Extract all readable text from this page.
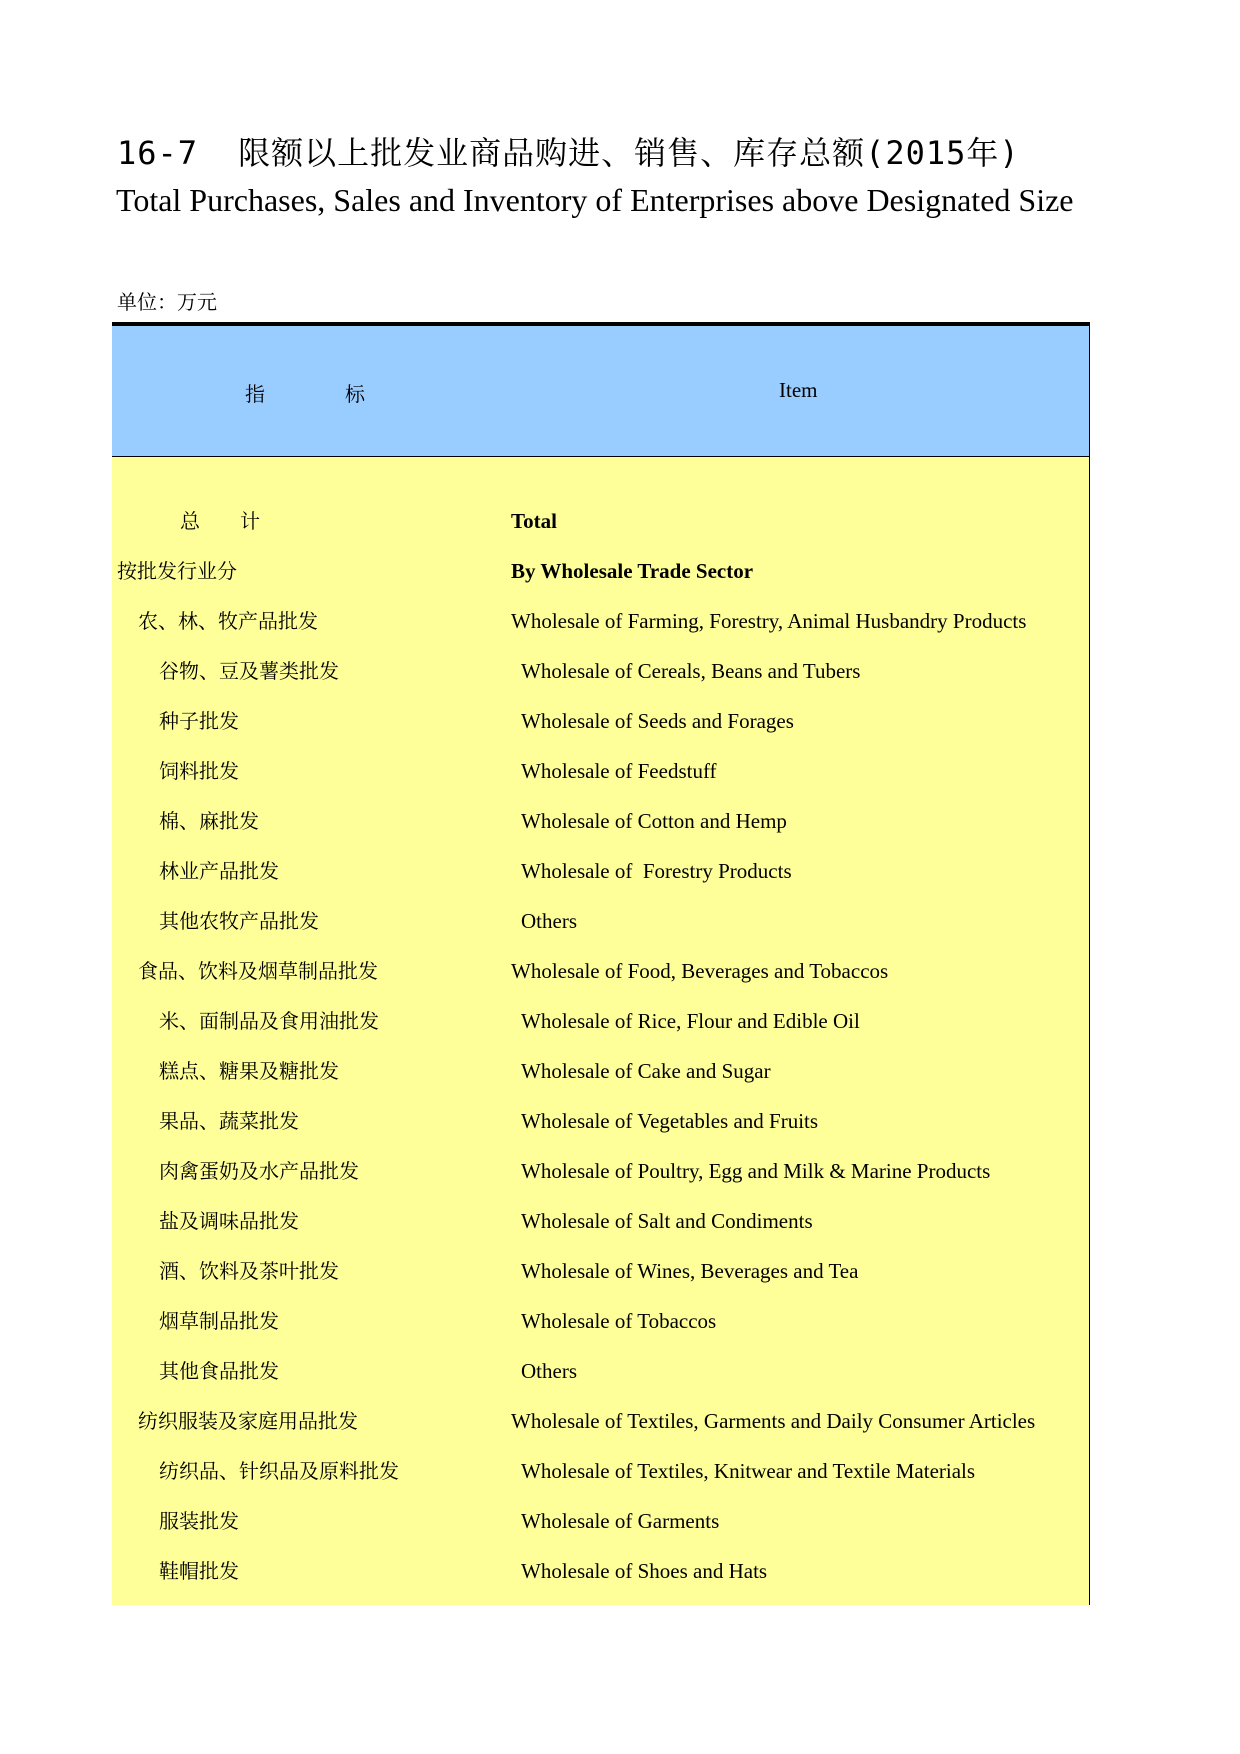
16-7 限额以上批发业商品购进、销售、库存总额(2015年)
Total Purchases, Sales and Inventory of Enterprises above Designated Size
单位：万元
指	标	Item
总 计	Total
按批发行业分	By Wholesale Trade Sector
农、林、牧产品批发	Wholesale of Farming, Forestry, Animal Husbandry Products
谷物、豆及薯类批发	Wholesale of Cereals, Beans and Tubers
种子批发	Wholesale of Seeds and Forages
饲料批发	Wholesale of Feedstuff
棉、麻批发	Wholesale of Cotton and Hemp
林业产品批发	Wholesale of  Forestry Products
其他农牧产品批发	Others
食品、饮料及烟草制品批发	Wholesale of Food, Beverages and Tobaccos
米、面制品及食用油批发	Wholesale of Rice, Flour and Edible Oil
糕点、糖果及糖批发	Wholesale of Cake and Sugar
果品、蔬菜批发	Wholesale of Vegetables and Fruits
肉禽蛋奶及水产品批发	Wholesale of Poultry, Egg and Milk & Marine Products
盐及调味品批发	Wholesale of Salt and Condiments
酒、饮料及茶叶批发	Wholesale of Wines, Beverages and Tea
烟草制品批发	Wholesale of Tobaccos
其他食品批发	Others
纺织服装及家庭用品批发	Wholesale of Textiles, Garments and Daily Consumer Articles
纺织品、针织品及原料批发	Wholesale of Textiles, Knitwear and Textile Materials
服装批发	Wholesale of Garments
鞋帽批发	Wholesale of Shoes and Hats
